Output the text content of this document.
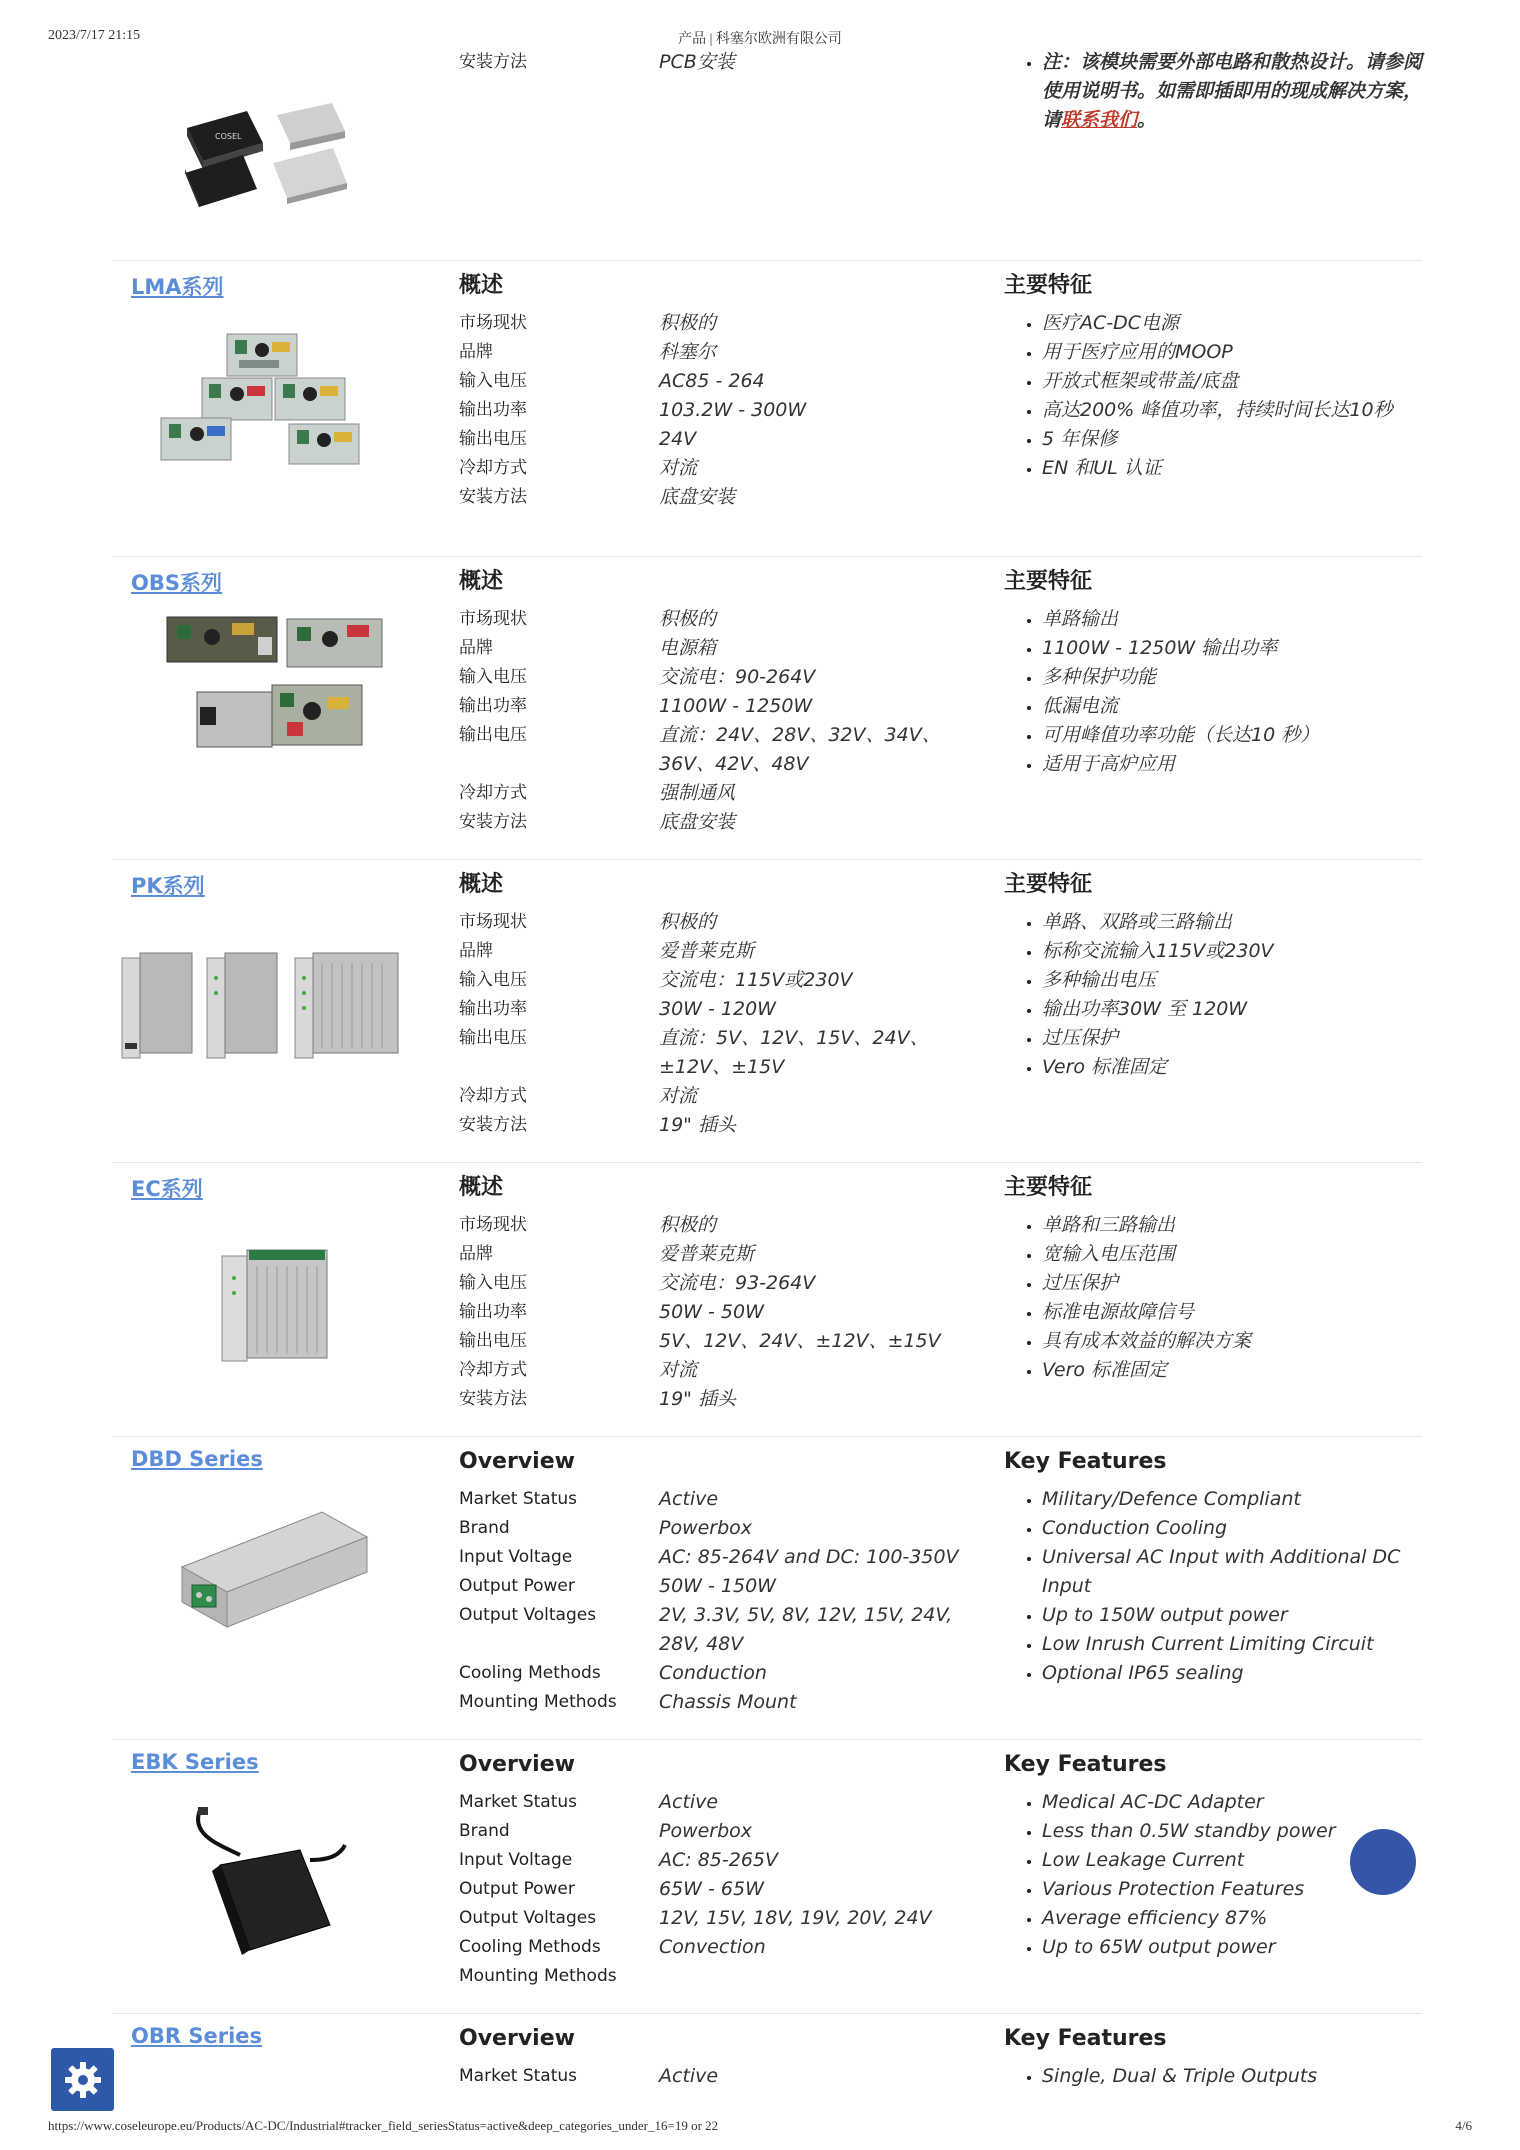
2023/7/17 21:15	产品 | 科塞尔欧洲有限公司
COSEL
安装方法	PCB安装
•	注：该模块需要外部电路和散热设计。请参阅使用说明书。如需即插即用的现成解决方案，请联系我们。
LMA系列	概述
市场现状	积极的
品牌	科塞尔
输入电压	AC85 - 264
输出功率	103.2W - 300W
输出电压	24V
冷却方式	对流
安装方法	底盘安装
主要特征
• 医疗AC-DC电源
• 用于医疗应用的MOOP
• 开放式框架或带盖/底盘
• 高达200% 峰值功率，持续时间长达10秒
• 5 年保修
• EN 和UL 认证
OBS系列	概述
市场现状	积极的
品牌	电源箱
输入电压	交流电：90-264V
输出功率	1100W - 1250W
输出电压	直流：24V、28V、32V、34V、36V、42V、48V
冷却方式	强制通风
安装方法	底盘安装
主要特征
• 单路输出
• 1100W - 1250W 输出功率
• 多种保护功能
• 低漏电流
• 可用峰值功率功能（长达10 秒）
• 适用于高炉应用
PK系列	概述
市场现状	积极的
品牌	爱普莱克斯
输入电压	交流电：115V或230V
输出功率	30W - 120W
输出电压	直流：5V、12V、15V、24V、±12V、±15V
冷却方式	对流
安装方法	19" 插头
主要特征
• 单路、双路或三路输出
• 标称交流输入115V或230V
• 多种输出电压
• 输出功率30W 至 120W
• 过压保护
• Vero 标准固定
EC系列	概述
市场现状	积极的
品牌	爱普莱克斯
输入电压	交流电：93-264V
输出功率	50W - 50W
输出电压	5V、12V、24V、±12V、±15V
冷却方式	对流
安装方法	19" 插头
主要特征
• 单路和三路输出
• 宽输入电压范围
• 过压保护
• 标准电源故障信号
• 具有成本效益的解决方案
• Vero 标准固定
DBD Series	Overview
Market Status	Active
Brand	Powerbox
Input Voltage	AC: 85-264V and DC: 100-350V
Output Power	50W - 150W
Output Voltages	2V, 3.3V, 5V, 8V, 12V, 15V, 24V, 28V, 48V
Cooling Methods	Conduction
Mounting Methods	Chassis Mount
Key Features
• Military/Defence Compliant
• Conduction Cooling
• Universal AC Input with Additional DC Input
• Up to 150W output power
• Low Inrush Current Limiting Circuit
• Optional IP65 sealing
EBK Series	Overview
Market Status	Active
Brand	Powerbox
Input Voltage	AC: 85-265V
Output Power	65W - 65W
Output Voltages	12V, 15V, 18V, 19V, 20V, 24V
Cooling Methods	Convection
Mounting Methods
Key Features
• Medical AC-DC Adapter
• Less than 0.5W standby power
• Low Leakage Current
• Various Protection Features
• Average efficiency 87%
• Up to 65W output power
OBR Series	Overview
Market Status	Active
Key Features
• Single, Dual & Triple Outputs
https://www.coseleurope.eu/Products/AC-DC/Industrial#tracker_field_seriesStatus=active&deep_categories_under_16=19 or 22	4/6
